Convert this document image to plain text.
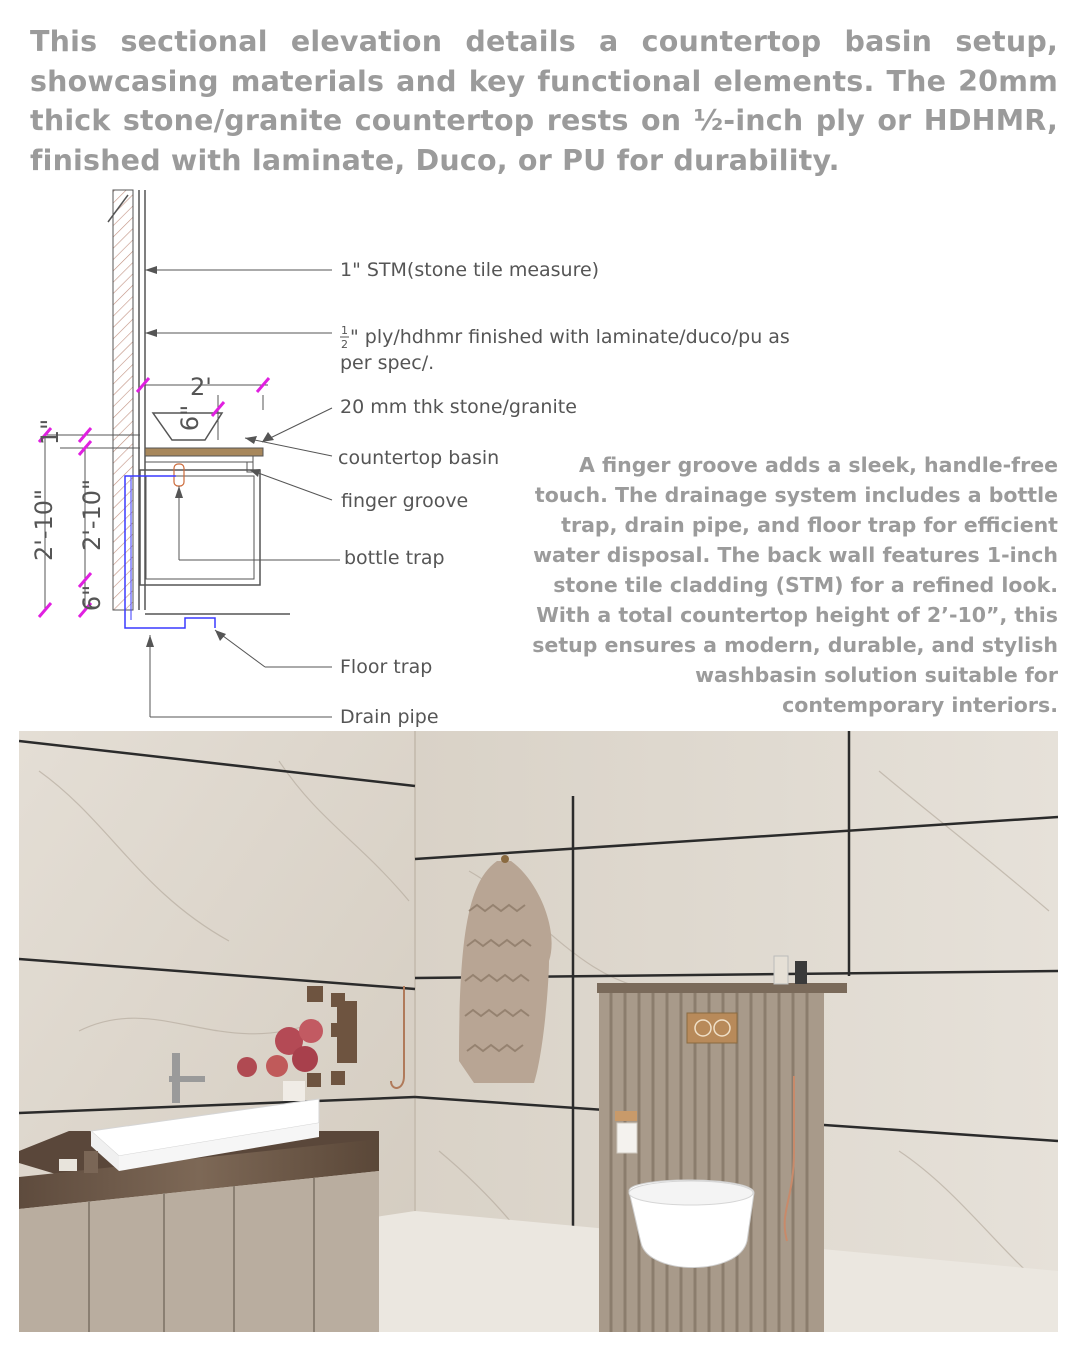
This sectional elevation details a countertop basin setup, showcasing materials and key functional elements. The 20mm thick stone/granite countertop rests on ½-inch ply or HDHMR, finished with laminate, Duco, or PU for durability.

2'
6"
1"
2'-10" 2'-10"
6"
1" STM(stone tile measure)
1
2 " ply/hdhmr finished with laminate/duco/pu as
per spec/.
20 mm thk stone/granite
countertop basin
finger groove
bottle trap
Floor trap
Drain pipe

A finger groove adds a sleek, handle-free touch. The drainage system includes a bottle trap, drain pipe, and floor trap for efficient water disposal. The back wall features 1-inch stone tile cladding (STM) for a refined look. With a total countertop height of 2’-10”, this setup ensures a modern, durable, and stylish washbasin solution suitable for contemporary interiors.
